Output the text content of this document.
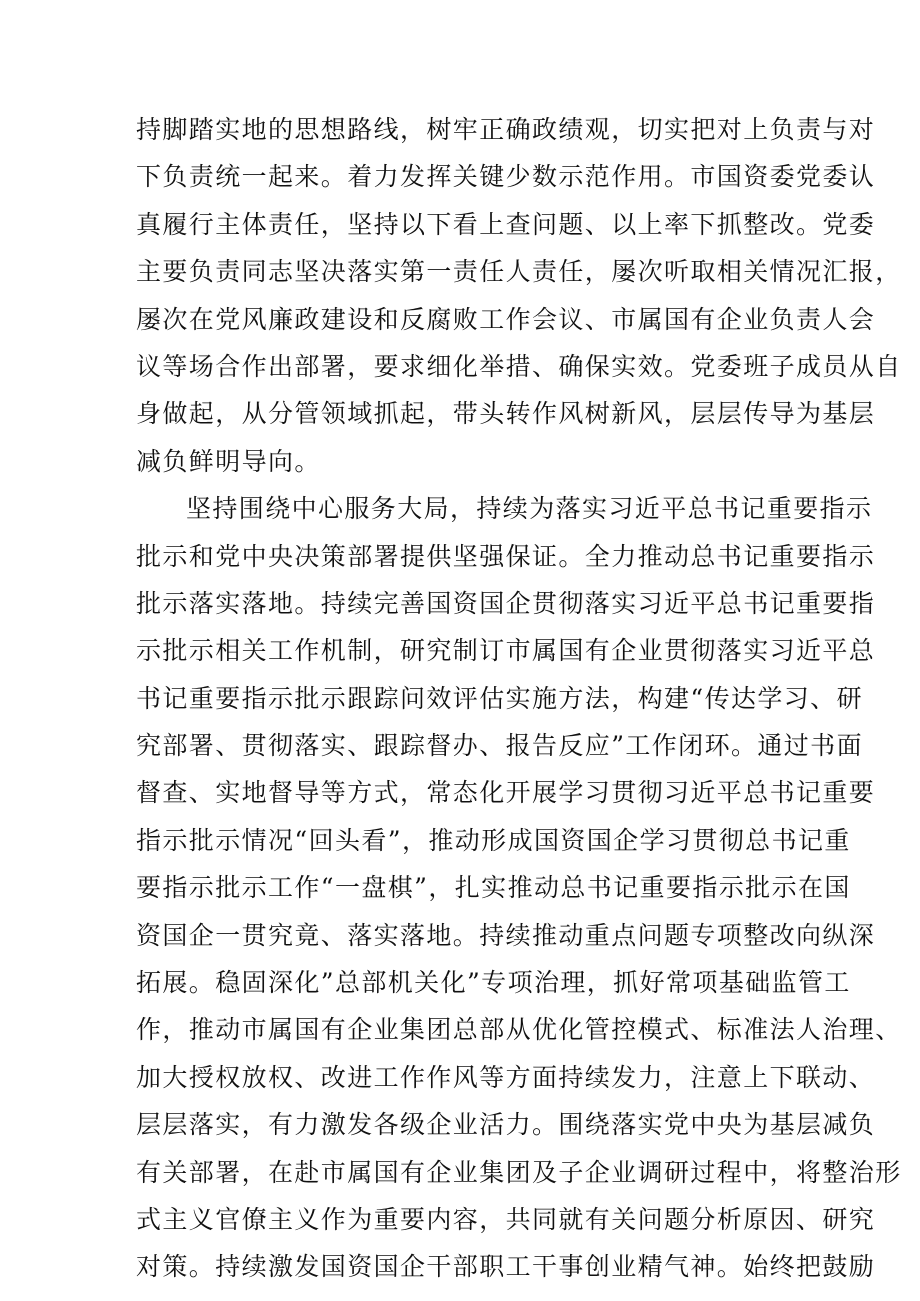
持脚踏实地的思想路线，树牢正确政绩观，切实把对上负责与对
下负责统一起来。着力发挥关键少数示范作用。市国资委党委认
真履行主体责任，坚持以下看上查问题、以上率下抓整改。党委
主要负责同志坚决落实第一责任人责任，屡次听取相关情况汇报，
屡次在党风廉政建设和反腐败工作会议、市属国有企业负责人会
议等场合作出部署，要求细化举措、确保实效。党委班子成员从自
身做起，从分管领域抓起，带头转作风树新风，层层传导为基层
减负鲜明导向。
坚持围绕中心服务大局，持续为落实习近平总书记重要指示
批示和党中央决策部署提供坚强保证。全力推动总书记重要指示
批示落实落地。持续完善国资国企贯彻落实习近平总书记重要指
示批示相关工作机制，研究制订市属国有企业贯彻落实习近平总
书记重要指示批示跟踪问效评估实施方法，构建“传达学习、研
究部署、贯彻落实、跟踪督办、报告反应”工作闭环。通过书面
督查、实地督导等方式，常态化开展学习贯彻习近平总书记重要
指示批示情况“回头看”，推动形成国资国企学习贯彻总书记重
要指示批示工作“一盘棋”，扎实推动总书记重要指示批示在国
资国企一贯究竟、落实落地。持续推动重点问题专项整改向纵深
拓展。稳固深化”总部机关化”专项治理，抓好常项基础监管工
作，推动市属国有企业集团总部从优化管控模式、标准法人治理、
加大授权放权、改进工作作风等方面持续发力，注意上下联动、
层层落实，有力激发各级企业活力。围绕落实党中央为基层减负
有关部署，在赴市属国有企业集团及子企业调研过程中，将整治形
式主义官僚主义作为重要内容，共同就有关问题分析原因、研究
对策。持续激发国资国企干部职工干事创业精气神。始终把鼓励
